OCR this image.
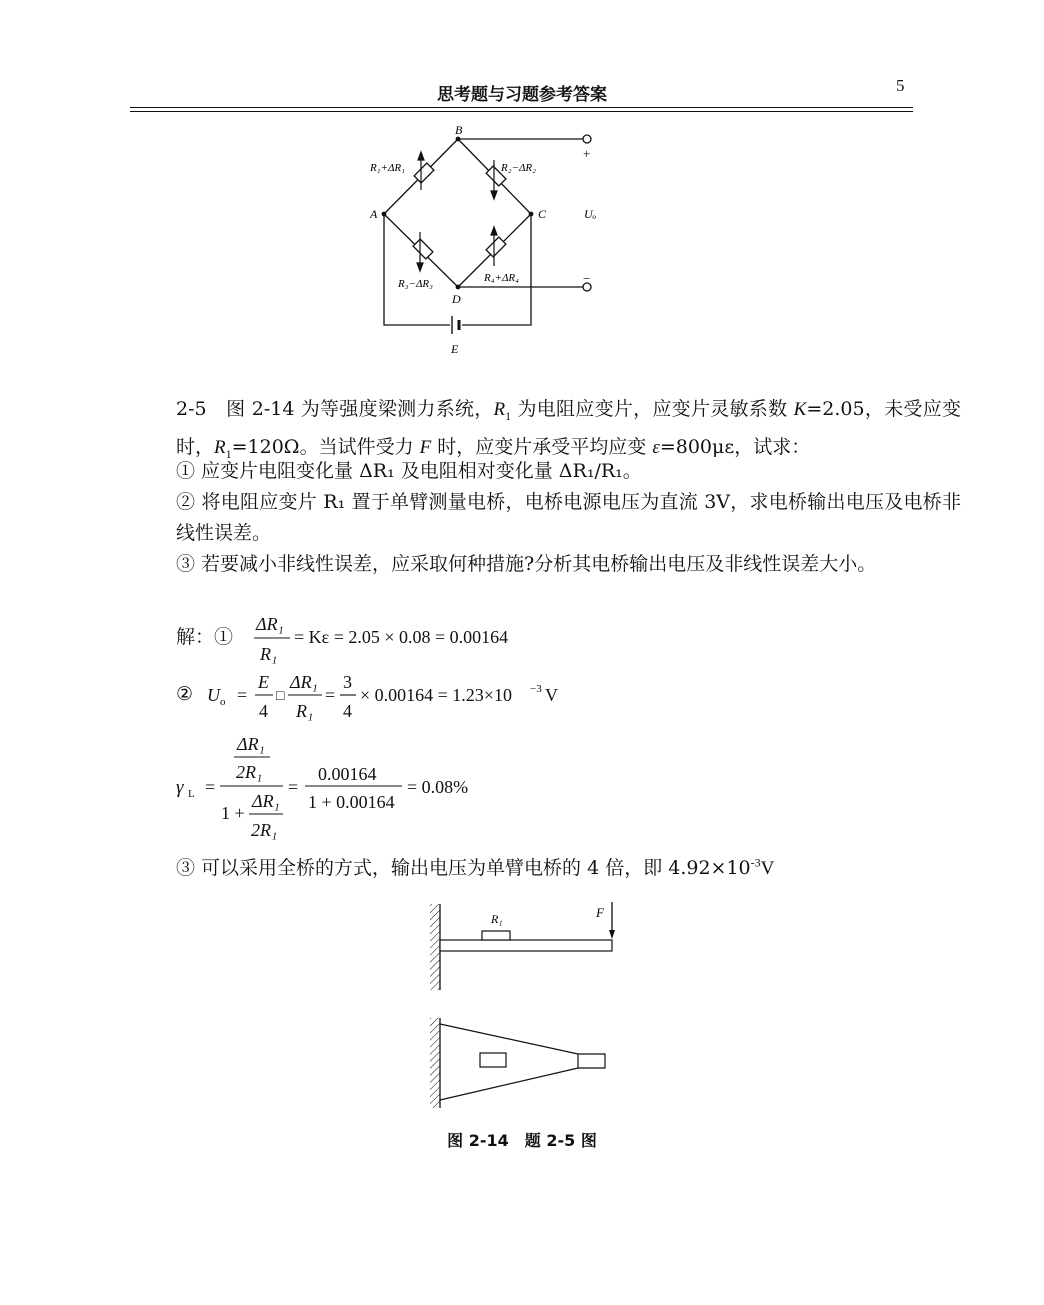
思考题与习题参考答案	5
B
A	C
D
E
R₁+ΔR₁	R₂−ΔR₂
R₃−ΔR₃	R₄+ΔR₄
+
−
Uₒ
2-5　图 2-14 为等强度梁测力系统，$R_1$ 为电阻应变片，应变片灵敏系数 K=2.05，未受应变时，$R_1=120\Omega$。当试件受力 F 时，应变片承受平均应变 ε=800με，试求：
① 应变片电阻变化量 ΔR₁ 及电阻相对变化量 ΔR₁/R₁。
② 将电阻应变片 R₁ 置于单臂测量电桥，电桥电源电压为直流 3V，求电桥输出电压及电桥非线性误差。
③ 若要减小非线性误差，应采取何种措施?分析其电桥输出电压及非线性误差大小。
解：①
ΔR₁
R₁
= Kε = 2.05 × 0.08 = 0.00164
② U o =
E
4
□
ΔR₁
R₁
=
3
4
× 0.00164 = 1.23×10 −3 V
γ L =
ΔR₁
2R₁
1 +
ΔR₁
2R₁
=
0.00164
1 + 0.00164
= 0.08%
③ 可以采用全桥的方式，输出电压为单臂电桥的 4 倍，即 $4.92\times 10^{-3}V$
R₁	F
图 2-14　题 2-5 图
